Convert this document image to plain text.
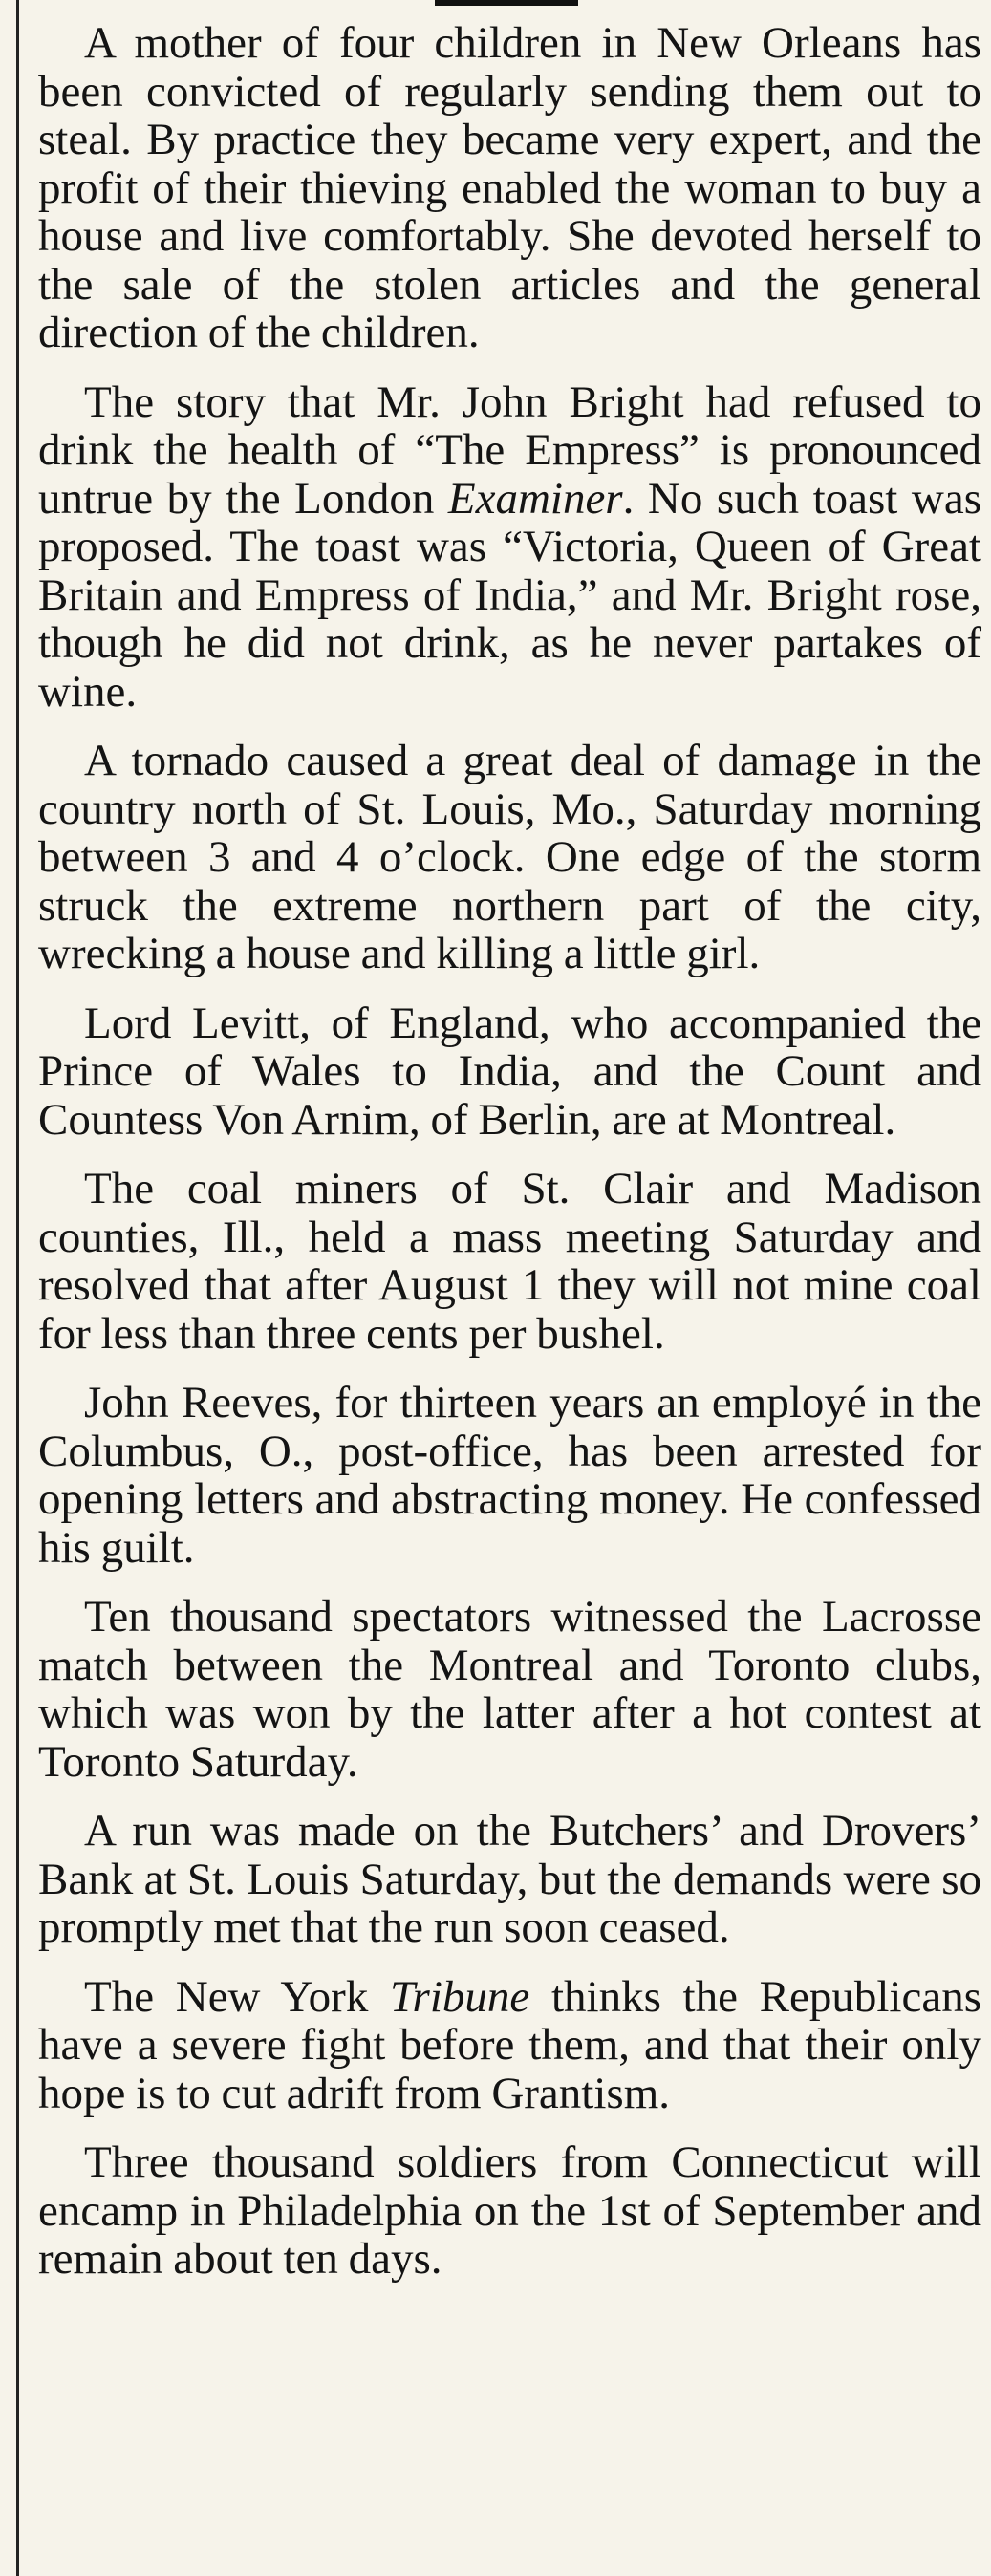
A mother of four children in New Orleans has been convicted of regularly sending them out to steal. By practice they became very expert, and the profit of their thieving enabled the woman to buy a house and live comfortably. She devoted herself to the sale of the stolen articles and the general direction of the children.

The story that Mr. John Bright had refused to drink the health of “The Empress” is pronounced untrue by the London Examiner. No such toast was proposed. The toast was “Victoria, Queen of Great Britain and Empress of India,” and Mr. Bright rose, though he did not drink, as he never partakes of wine.

A tornado caused a great deal of damage in the country north of St. Louis, Mo., Saturday morning between 3 and 4 o’clock. One edge of the storm struck the extreme northern part of the city, wrecking a house and killing a little girl.

Lord Levitt, of England, who accompanied the Prince of Wales to India, and the Count and Countess Von Arnim, of Berlin, are at Montreal.

The coal miners of St. Clair and Madison counties, Ill., held a mass meeting Saturday and resolved that after August 1 they will not mine coal for less than three cents per bushel.

John Reeves, for thirteen years an employé in the Columbus, O., post-office, has been arrested for opening letters and abstracting money. He confessed his guilt.

Ten thousand spectators witnessed the Lacrosse match between the Montreal and Toronto clubs, which was won by the latter after a hot contest at Toronto Saturday.

A run was made on the Butchers’ and Drovers’ Bank at St. Louis Saturday, but the demands were so promptly met that the run soon ceased.

The New York Tribune thinks the Republicans have a severe fight before them, and that their only hope is to cut adrift from Grantism.

Three thousand soldiers from Connecticut will encamp in Philadelphia on the 1st of September and remain about ten days.
